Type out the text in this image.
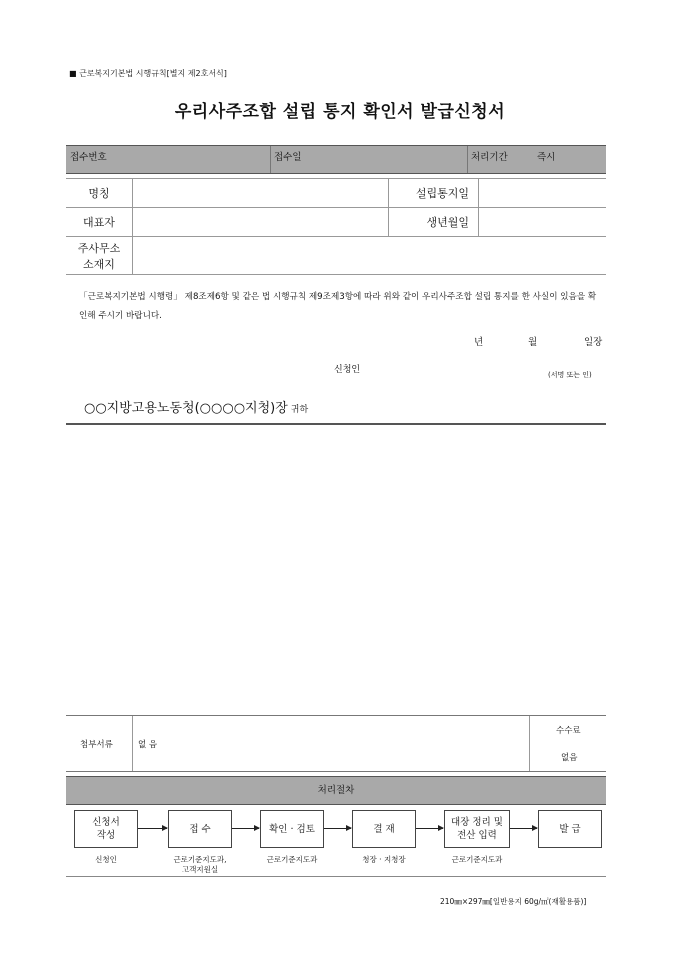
■ 근로복지기본법 시행규칙[별지 제2호서식]
우리사주조합 설립 통지 확인서 발급신청서
접수번호	접수일	처리기간	즉시
명칭		설립통지일	
대표자		생년월일	

주사무소
소재지			

「근로복지기본법 시행령」 제8조제6항 및 같은 법 시행규칙 제9조제3항에 따라 위와 같이 우리사주조합 설립 통지를 한 사실이 있음을 확인해 주시기 바랍니다.
년	월	일장
신청인	(서명 또는 인)
○○지방고용노동청(○○○○지청)장 귀하
첨부서류	없 음
수수료
없음
처리절차
신청서
작성
접 수	확인 · 검토	결 재
대장 정리 및
전산 입력
발 급
신청인	근로기준지도과,
고객지원실
근로기준지도과	청장 · 지청장	근로기준지도과
210㎜×297㎜[일반용지 60g/㎡(재활용품)]
